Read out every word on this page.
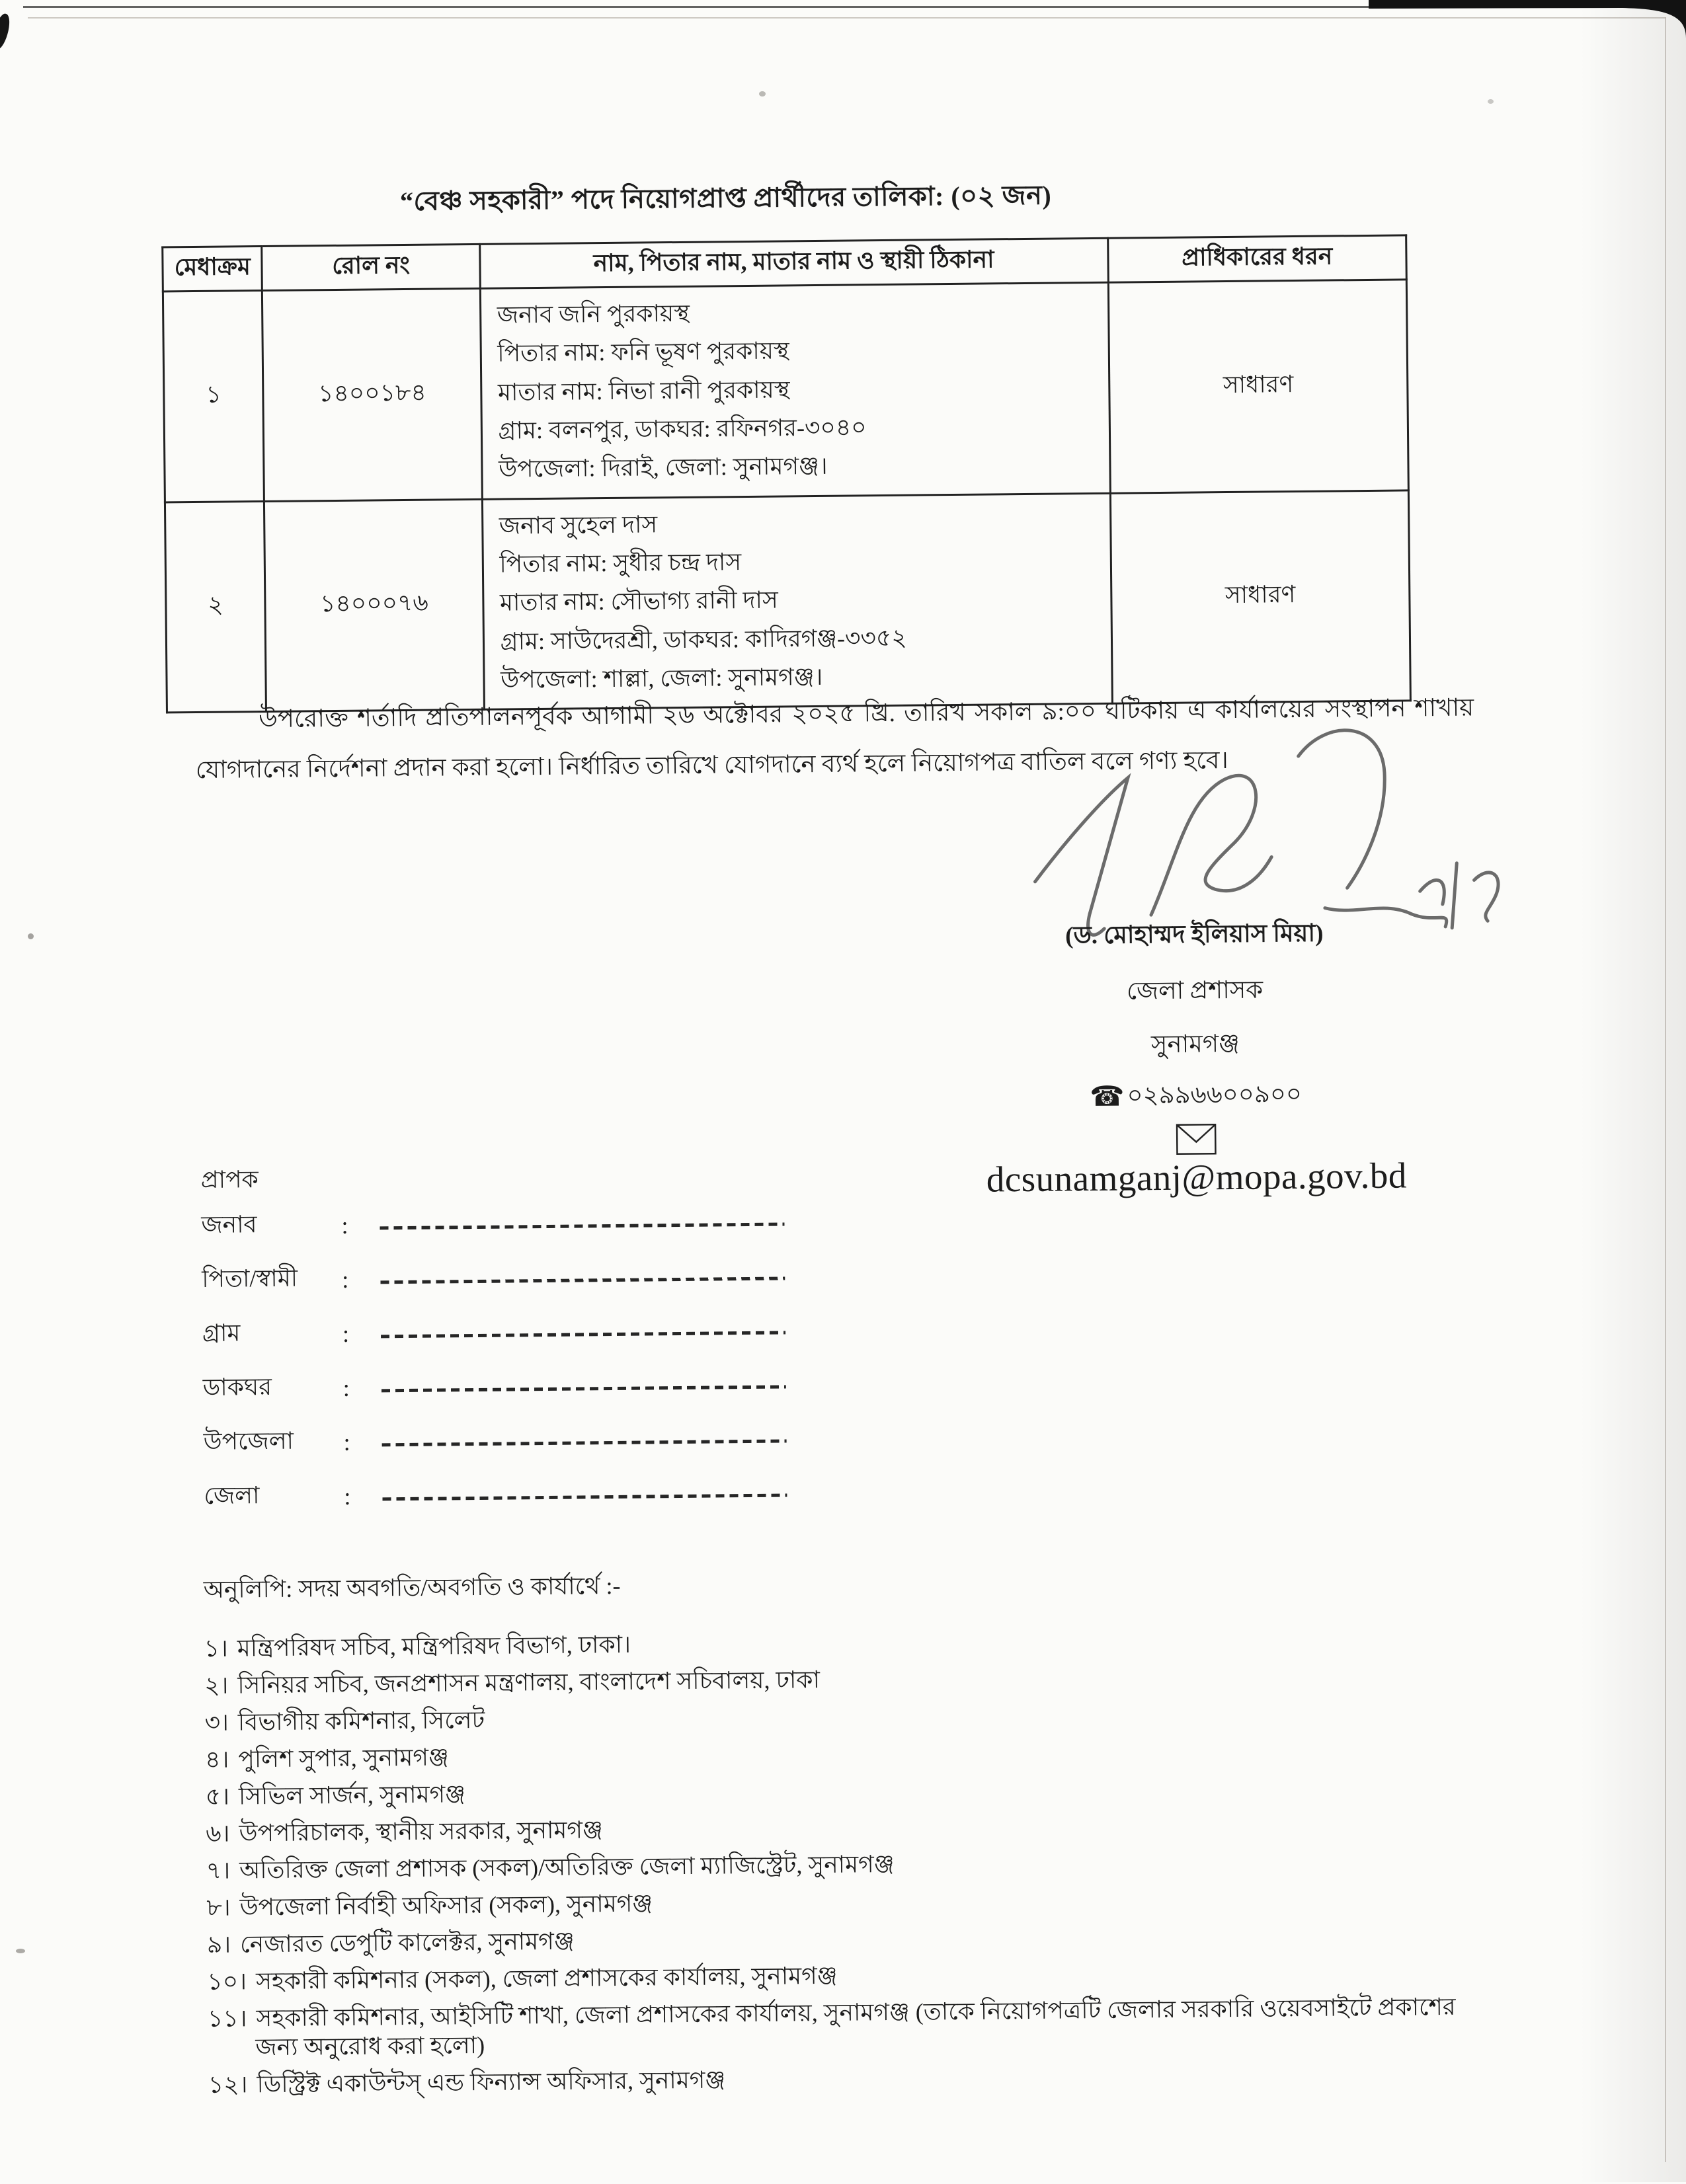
“বেঞ্চ সহকারী” পদে নিয়োগপ্রাপ্ত প্রার্থীদের তালিকা: (০২ জন)
মেধাক্রম	রোল নং	নাম, পিতার নাম, মাতার নাম ও স্থায়ী ঠিকানা	প্রাধিকারের ধরন
১	১৪০০১৮৪	জনাব জনি পুরকায়স্থ
পিতার নাম: ফনি ভূষণ পুরকায়স্থ
মাতার নাম: নিভা রানী পুরকায়স্থ
গ্রাম: বলনপুর, ডাকঘর: রফিনগর-৩০৪০
উপজেলা: দিরাই, জেলা: সুনামগঞ্জ।	সাধারণ
২	১৪০০০৭৬	জনাব সুহেল দাস
পিতার নাম: সুধীর চন্দ্র দাস
মাতার নাম: সৌভাগ্য রানী দাস
গ্রাম: সাউদেরশ্রী, ডাকঘর: কাদিরগঞ্জ-৩৩৫২
উপজেলা: শাল্লা, জেলা: সুনামগঞ্জ।	সাধারণ

উপরোক্ত শর্তাদি প্রতিপালনপূর্বক আগামী ২৬ অক্টোবর ২০২৫ খ্রি. তারিখ সকাল ৯:০০ ঘটিকায় এ কার্যালয়ের সংস্থাপন শাখায় যোগদানের নির্দেশনা প্রদান করা হলো। নির্ধারিত তারিখে যোগদানে ব্যর্থ হলে নিয়োগপত্র বাতিল বলে গণ্য হবে।

(ড. মোহাম্মদ ইলিয়াস মিয়া)
জেলা প্রশাসক
সুনামগঞ্জ
☎০২৯৯৬৬০০৯০০
dcsunamganj@mopa.gov.bd
প্রাপক
জনাব	:
পিতা/স্বামী	:
গ্রাম	:
ডাকঘর	:
উপজেলা	:
জেলা	:
অনুলিপি: সদয় অবগতি/অবগতি ও কার্যার্থে :-
১। মন্ত্রিপরিষদ সচিব, মন্ত্রিপরিষদ বিভাগ, ঢাকা।
২। সিনিয়র সচিব, জনপ্রশাসন মন্ত্রণালয়, বাংলাদেশ সচিবালয়, ঢাকা
৩। বিভাগীয় কমিশনার, সিলেট
৪। পুলিশ সুপার, সুনামগঞ্জ
৫। সিভিল সার্জন, সুনামগঞ্জ
৬। উপপরিচালক, স্থানীয় সরকার, সুনামগঞ্জ
৭। অতিরিক্ত জেলা প্রশাসক (সকল)/অতিরিক্ত জেলা ম্যাজিস্ট্রেট, সুনামগঞ্জ
৮। উপজেলা নির্বাহী অফিসার (সকল), সুনামগঞ্জ
৯। নেজারত ডেপুটি কালেক্টর, সুনামগঞ্জ
১০। সহকারী কমিশনার (সকল), জেলা প্রশাসকের কার্যালয়, সুনামগঞ্জ
১১। সহকারী কমিশনার, আইসিটি শাখা, জেলা প্রশাসকের কার্যালয়, সুনামগঞ্জ (তাকে নিয়োগপত্রটি জেলার সরকারি ওয়েবসাইটে প্রকাশের জন্য অনুরোধ করা হলো)
১২। ডিস্ট্রিক্ট একাউন্টস্ এন্ড ফিন্যান্স অফিসার, সুনামগঞ্জ
